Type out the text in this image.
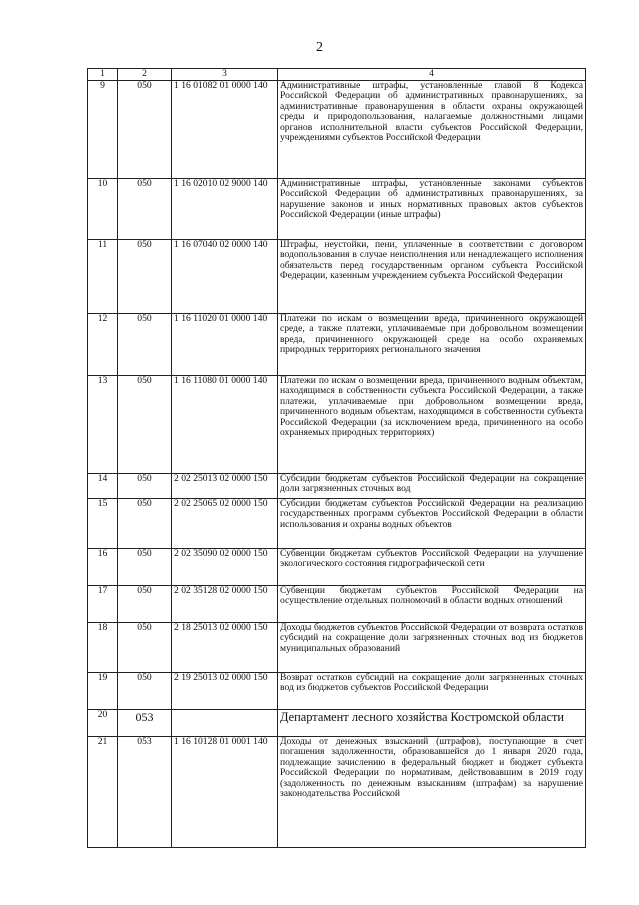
2
1	2	3	4
9	050	1 16 01082 01 0000 140	Административные штрафы, установленные главой 8 Кодекса Российской Федерации об административных правонарушениях, за административные правонарушения в области охраны окружающей среды и природопользования, налагаемые должностными лицами органов исполнительной власти субъектов Российской Федерации, учреждениями субъектов Российской Федерации
10	050	1 16 02010 02 9000 140	Административные штрафы, установленные законами субъектов Российской Федерации об административных правонарушениях, за нарушение законов и иных нормативных правовых актов субъектов Российской Федерации (иные штрафы)
11	050	1 16 07040 02 0000 140	Штрафы, неустойки, пени, уплаченные в соответствии с договором водопользования в случае неисполнения или ненадлежащего исполнения обязательств перед государственным органом субъекта Российской Федерации, казенным учреждением субъекта Российской Федерации
12	050	1 16 11020 01 0000 140	Платежи по искам о возмещении вреда, причиненного окружающей среде, а также платежи, уплачиваемые при добровольном возмещении вреда, причиненного окружающей среде на особо охраняемых природных территориях регионального значения
13	050	1 16 11080 01 0000 140	Платежи по искам о возмещении вреда, причиненного водным объектам, находящимся в собственности субъекта Российской Федерации, а также платежи, уплачиваемые при добровольном возмещении вреда, причиненного водным объектам, находящимся в собственности субъекта Российской Федерации (за исключением вреда, причиненного на особо охраняемых природных территориях)
14	050	2 02 25013 02 0000 150	Субсидии бюджетам субъектов Российской Федерации на сокращение доли загрязненных сточных вод
15	050	2 02 25065 02 0000 150	Субсидии бюджетам субъектов Российской Федерации на реализацию государственных программ субъектов Российской Федерации в области использования и охраны водных объектов
16	050	2 02 35090 02 0000 150	Субвенции бюджетам субъектов Российской Федерации на улучшение экологического состояния гидрографической сети
17	050	2 02 35128 02 0000 150	Субвенции бюджетам субъектов Российской Федерации на осуществление отдельных полномочий в области водных отношений
18	050	2 18 25013 02 0000 150	Доходы бюджетов субъектов Российской Федерации от возврата остатков субсидий на сокращение доли загрязненных сточных вод из бюджетов муниципальных образований
19	050	2 19 25013 02 0000 150	Возврат остатков субсидий на сокращение доли загрязненных сточных вод из бюджетов субъектов Российской Федерации
20	053		Департамент лесного хозяйства Костромской области
21	053	1 16 10128 01 0001 140	Доходы от денежных взысканий (штрафов), поступающие в счет погашения задолженности, образовавшейся до 1 января 2020 года, подлежащие зачислению в федеральный бюджет и бюджет субъекта Российской Федерации по нормативам, действовавшим в 2019 году (задолженность по денежным взысканиям (штрафам) за нарушение законодательства Российской
